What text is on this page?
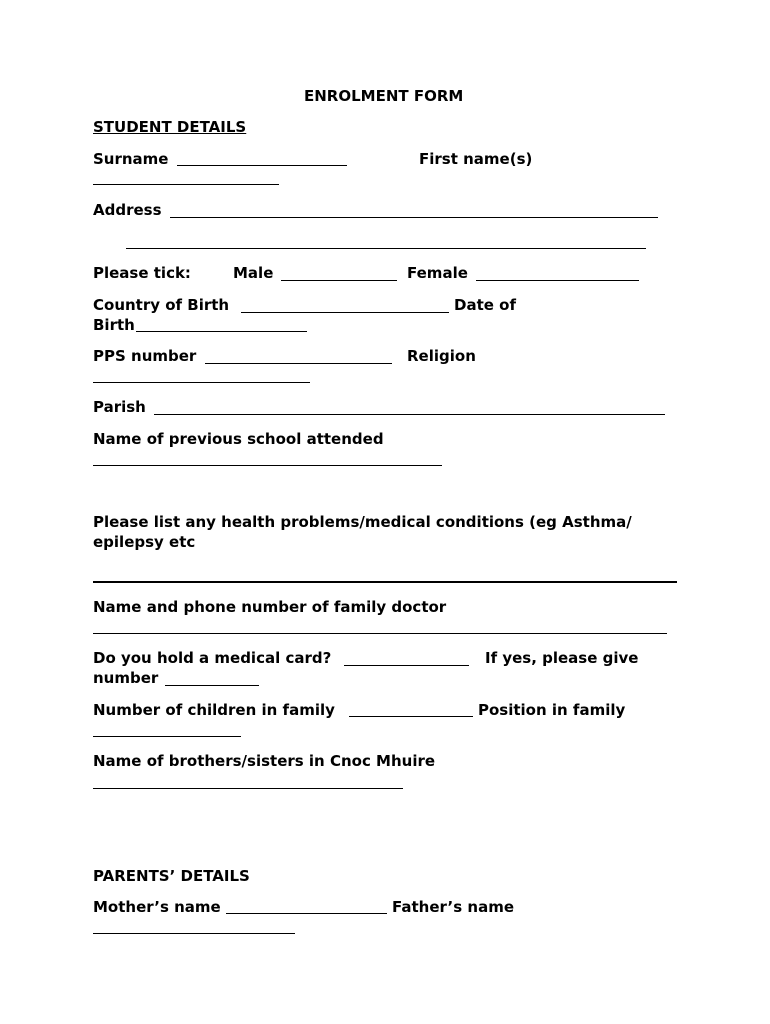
ENROLMENT FORM
STUDENT DETAILS
Surname	First name(s)
Address
Please tick:	Male	Female
Country of Birth	Date of
Birth
PPS number	Religion
Parish
Name of previous school attended
Please list any health problems/medical conditions (eg Asthma/
epilepsy etc
Name and phone number of family doctor
Do you hold a medical card?	If yes, please give
number
Number of children in family	Position in family
Name of brothers/sisters in Cnoc Mhuire
PARENTS’ DETAILS
Mother’s name	Father’s name
